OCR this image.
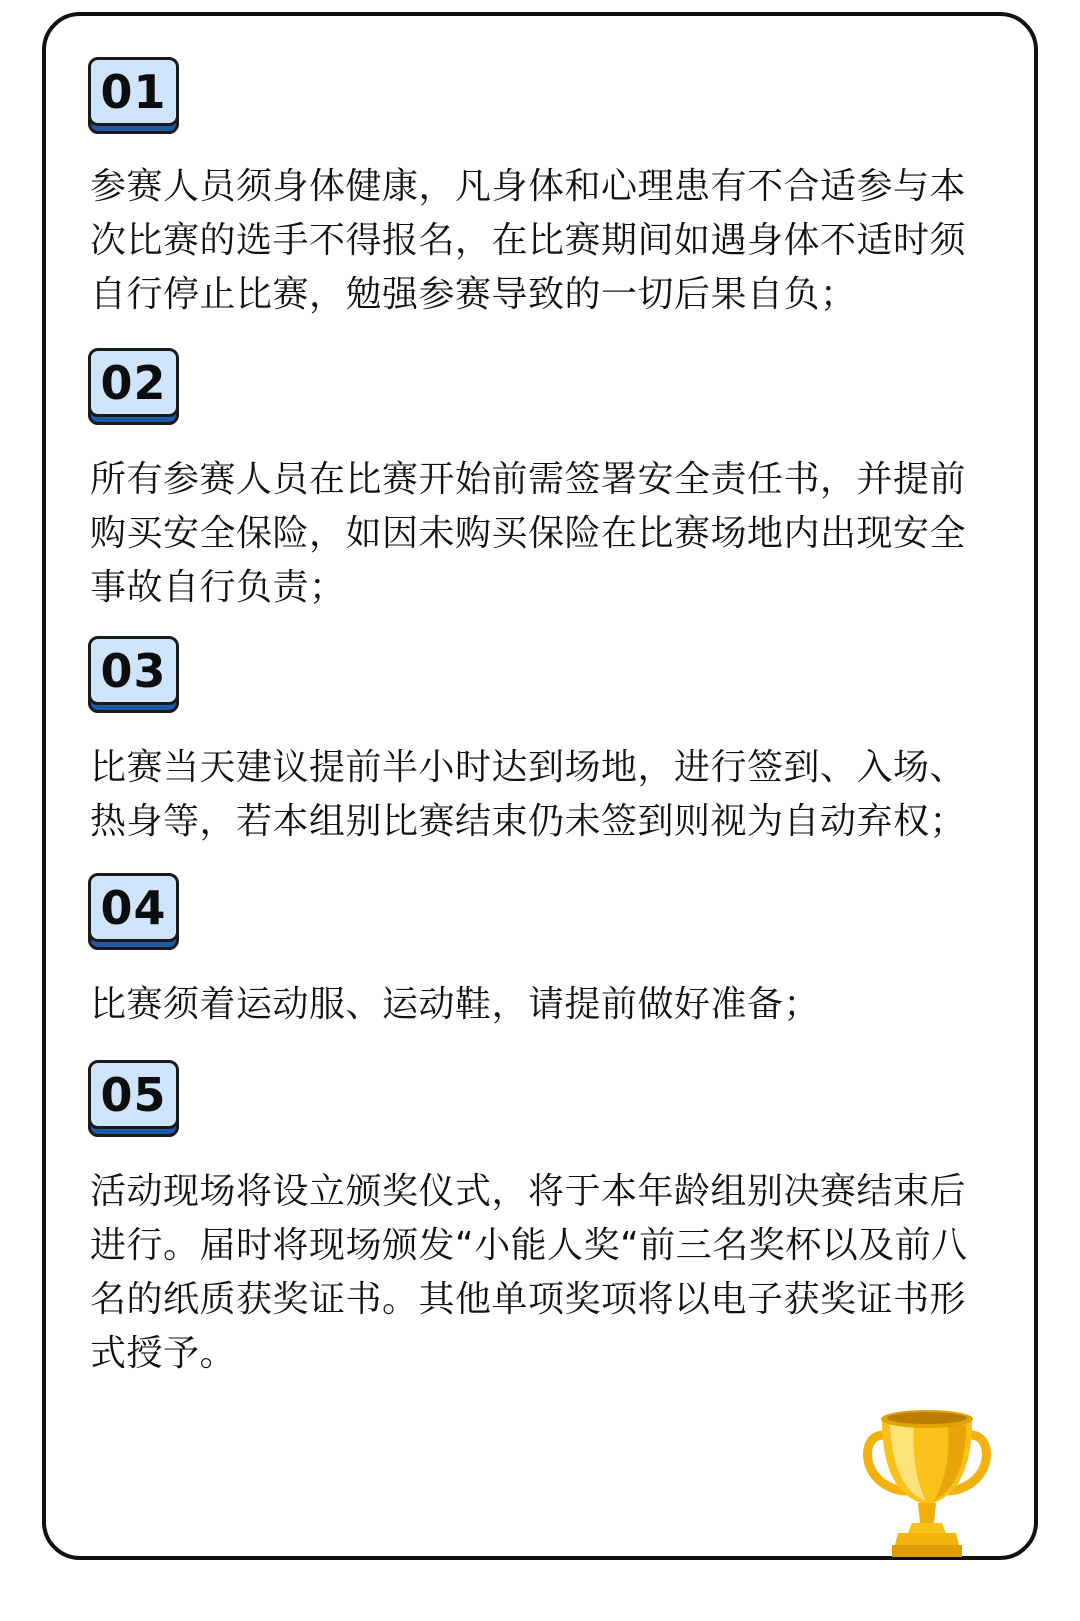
01

参赛人员须身体健康，凡身体和心理患有不合适参与本次比赛的选手不得报名，在比赛期间如遇身体不适时须自行停止比赛，勉强参赛导致的一切后果自负；

02

所有参赛人员在比赛开始前需签署安全责任书，并提前购买安全保险，如因未购买保险在比赛场地内出现安全事故自行负责；

03

比赛当天建议提前半小时达到场地，进行签到、入场、热身等，若本组别比赛结束仍未签到则视为自动弃权；

04

比赛须着运动服、运动鞋，请提前做好准备；

05

活动现场将设立颁奖仪式，将于本年龄组别决赛结束后进行。届时将现场颁发“小能人奖“前三名奖杯以及前八名的纸质获奖证书。其他单项奖项将以电子获奖证书形式授予。
